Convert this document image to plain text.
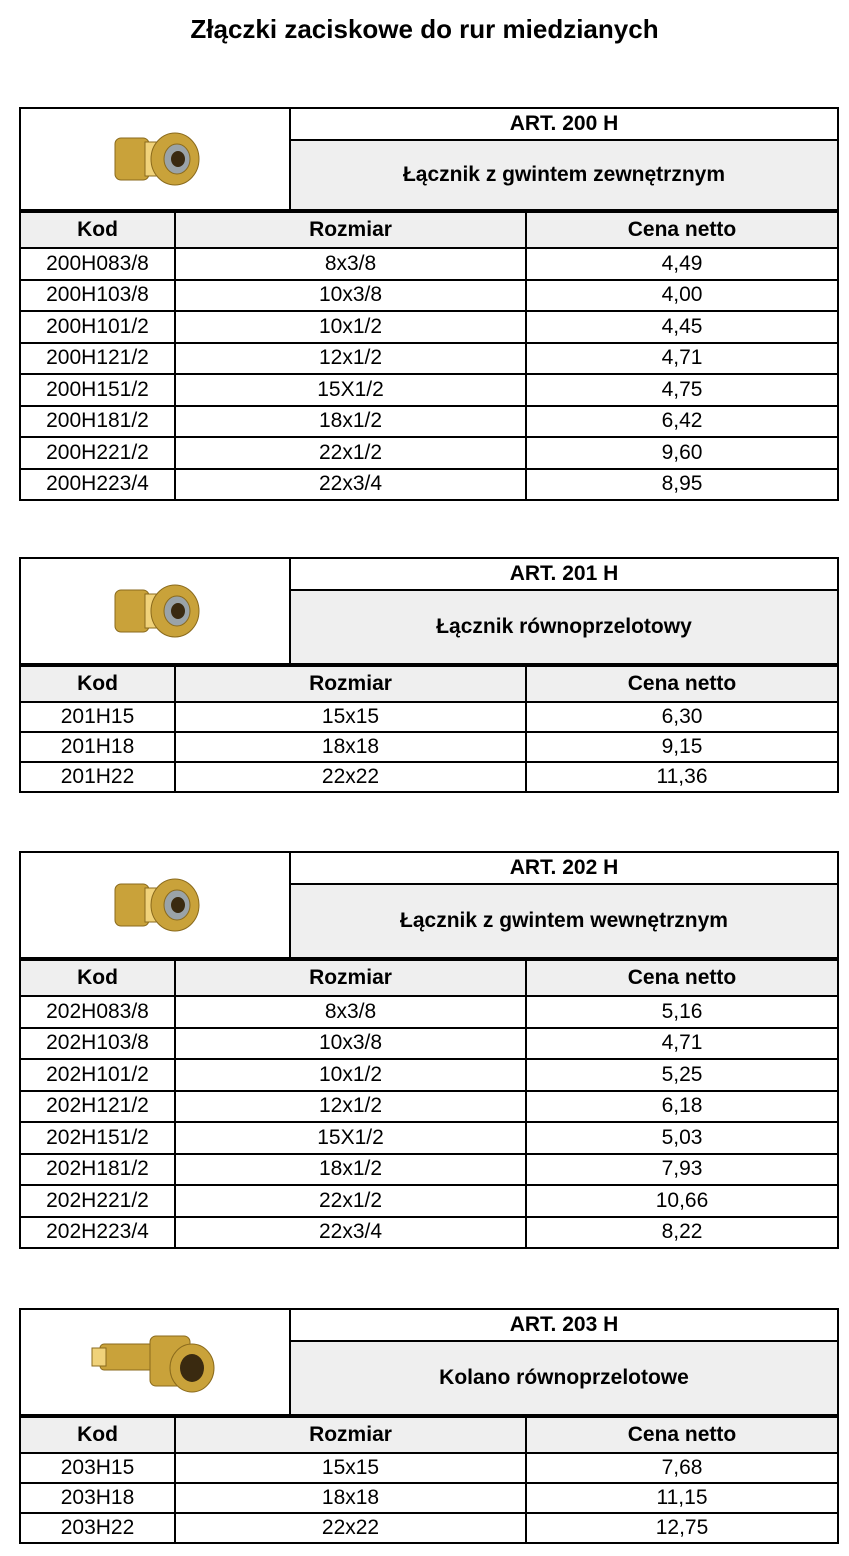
Złączki zaciskowe do rur miedzianych
	ART. 200 H
Łącznik z gwintem zewnętrznym
Kod	Rozmiar	Cena netto
200H083/8	8x3/8	4,49
200H103/8	10x3/8	4,00
200H101/2	10x1/2	4,45
200H121/2	12x1/2	4,71
200H151/2	15X1/2	4,75
200H181/2	18x1/2	6,42
200H221/2	22x1/2	9,60
200H223/4	22x3/4	8,95
	ART. 201 H
Łącznik równoprzelotowy
Kod	Rozmiar	Cena netto
201H15	15x15	6,30
201H18	18x18	9,15
201H22	22x22	11,36
	ART. 202 H
Łącznik z gwintem wewnętrznym
Kod	Rozmiar	Cena netto
202H083/8	8x3/8	5,16
202H103/8	10x3/8	4,71
202H101/2	10x1/2	5,25
202H121/2	12x1/2	6,18
202H151/2	15X1/2	5,03
202H181/2	18x1/2	7,93
202H221/2	22x1/2	10,66
202H223/4	22x3/4	8,22
	ART. 203 H
Kolano równoprzelotowe
Kod	Rozmiar	Cena netto
203H15	15x15	7,68
203H18	18x18	11,15
203H22	22x22	12,75
